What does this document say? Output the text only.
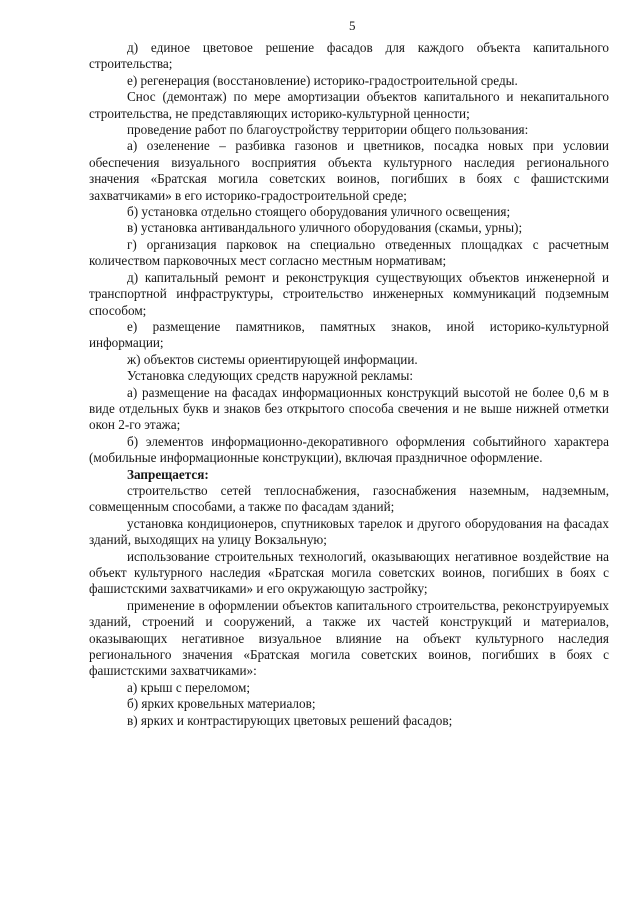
5

д) единое цветовое решение фасадов для каждого объекта капитального строительства;

е) регенерация (восстановление) историко-градостроительной среды.

Снос (демонтаж) по мере амортизации объектов капитального и некапитального строительства, не представляющих историко-культурной ценности;

проведение работ по благоустройству территории общего пользования:

а) озеленение – разбивка газонов и цветников, посадка новых при условии обеспечения визуального восприятия объекта культурного наследия регионального значения «Братская могила советских воинов, погибших в боях с фашистскими захватчиками» в его историко-градостроительной среде;

б) установка отдельно стоящего оборудования уличного освещения;

в) установка антивандального уличного оборудования (скамьи, урны);

г) организация парковок на специально отведенных площадках с расчетным количеством парковочных мест согласно местным нормативам;

д) капитальный ремонт и реконструкция существующих объектов инженерной и транспортной инфраструктуры, строительство инженерных коммуникаций подземным способом;

е) размещение памятников, памятных знаков, иной историко-культурной информации;

ж) объектов системы ориентирующей информации.

Установка следующих средств наружной рекламы:

а) размещение на фасадах информационных конструкций высотой не более 0,6 м в виде отдельных букв и знаков без открытого способа свечения и не выше нижней отметки окон 2-го этажа;

б) элементов информационно-декоративного оформления событийного характера (мобильные информационные конструкции), включая праздничное оформление.

Запрещается:

строительство сетей теплоснабжения, газоснабжения наземным, надземным, совмещенным способами, а также по фасадам зданий;

установка кондиционеров, спутниковых тарелок и другого оборудования на фасадах зданий, выходящих на улицу Вокзальную;

использование строительных технологий, оказывающих негативное воздействие на объект культурного наследия «Братская могила советских воинов, погибших в боях с фашистскими захватчиками» и его окружающую застройку;

применение в оформлении объектов капитального строительства, реконструируемых зданий, строений и сооружений, а также их частей конструкций и материалов, оказывающих негативное визуальное влияние на объект культурного наследия регионального значения «Братская могила советских воинов, погибших в боях с фашистскими захватчиками»:

а) крыш с переломом;

б) ярких кровельных материалов;

в) ярких и контрастирующих цветовых решений фасадов;
